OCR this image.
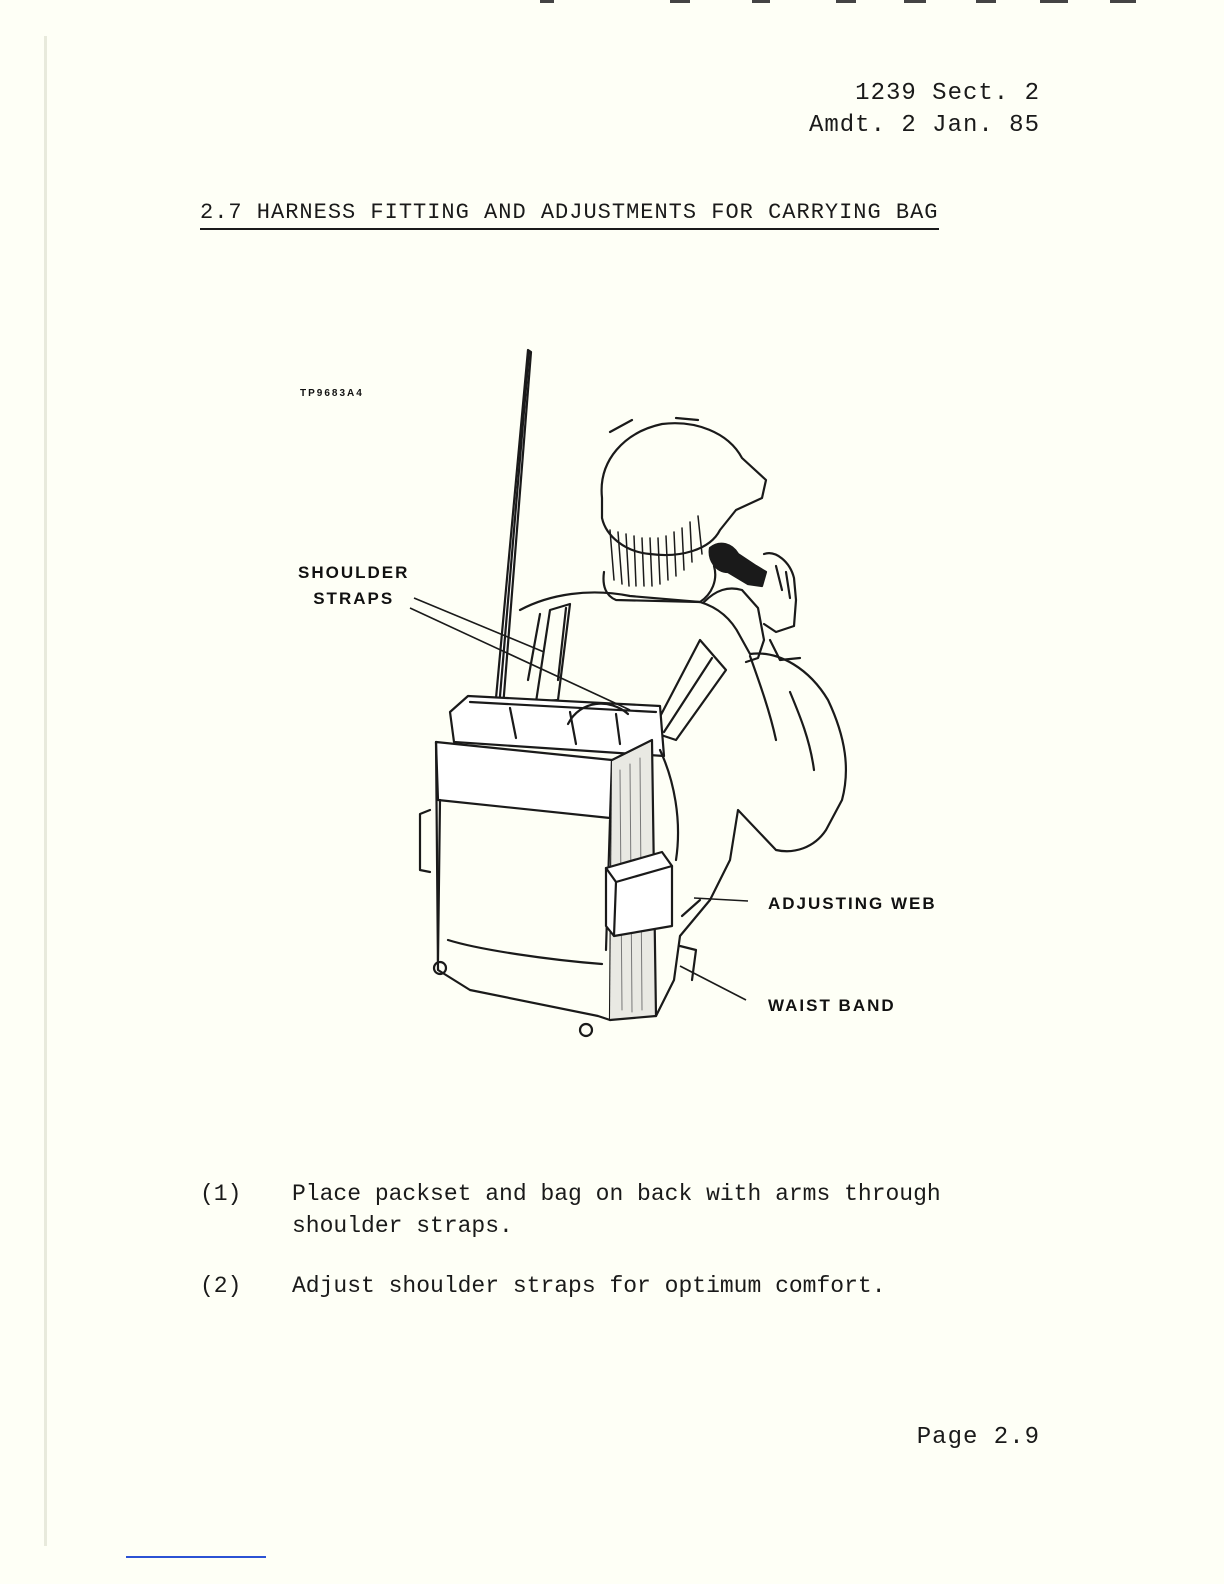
1239 Sect. 2
Amdt. 2 Jan. 85
2.7 HARNESS FITTING AND ADJUSTMENTS FOR CARRYING BAG
TP9683A4
SHOULDER
STRAPS
ADJUSTING WEB
WAIST BAND
(1)	Place packset and bag on back with arms through shoulder straps.
(2)	Adjust shoulder straps for optimum comfort.
Page 2.9
